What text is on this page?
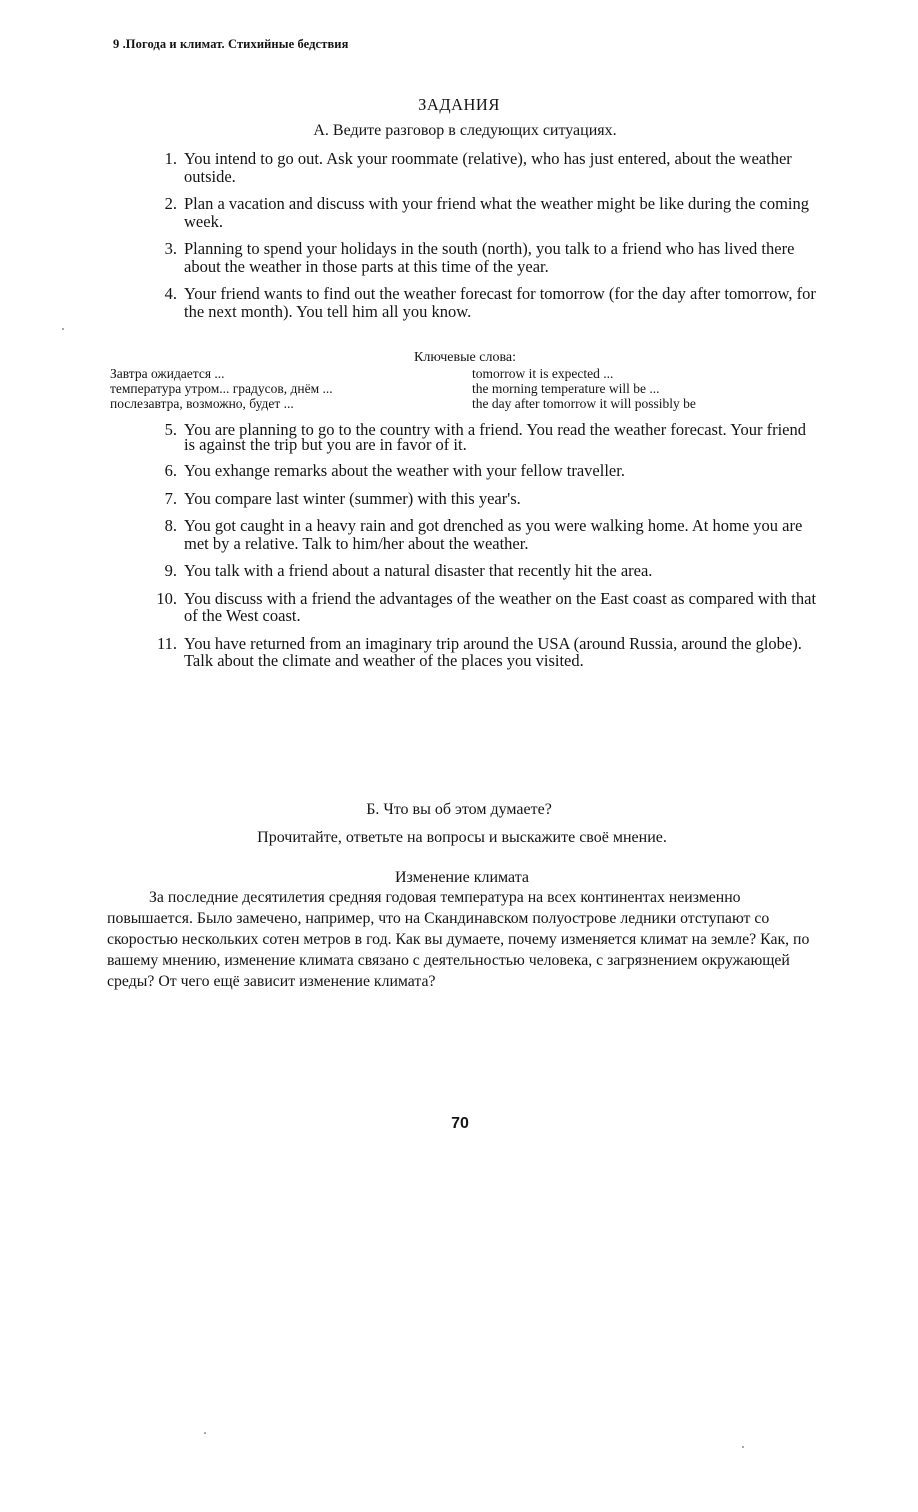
9 .Погода и климат. Стихийные бедствия
ЗАДАНИЯ
А. Ведите разговор в следующих ситуациях.
1. You intend to go out. Ask your roommate (relative), who has just entered, about the weather outside.
2. Plan a vacation and discuss with your friend what the weather might be like during the coming week.
3. Planning to spend your holidays in the south (north), you talk to a friend who has lived there about the weather in those parts at this time of the year.
4. Your friend wants to find out the weather forecast for tomorrow (for the day after tomorrow, for the next month). You tell him all you know.
Ключевые слова:
Завтра ожидается ...	tomorrow it is expected ...
температура утром... градусов, днём ...	the morning temperature will be ...
послезавтра, возможно, будет ...	the day after tomorrow it will possibly be
5. You are planning to go to the country with a friend. You read the weather forecast. Your friend is against the trip but you are in favor of it.
6. You exhange remarks about the weather with your fellow traveller.
7. You compare last winter (summer) with this year's.
8. You got caught in a heavy rain and got drenched as you were walking home. At home you are met by a relative. Talk to him/her about the weather.
9. You talk with a friend about a natural disaster that recently hit the area.
10. You discuss with a friend the advantages of the weather on the East coast as compared with that of the West coast.
11. You have returned from an imaginary trip around the USA (around Russia, around the globe). Talk about the climate and weather of the places you visited.
Б. Что вы об этом думаете?
Прочитайте, ответьте на вопросы и выскажите своё мнение.
Изменение климата

За последние десятилетия средняя годовая температура на всех континентах неизменно повышается. Было замечено, например, что на Скандинавском полуострове ледники отступают со скоростью нескольких сотен метров в год. Как вы думаете, почему изменяется климат на земле? Как, по вашему мнению, изменение климата связано с деятельностью человека, с загрязнением окружающей среды? От чего ещё зависит изменение климата?

70
